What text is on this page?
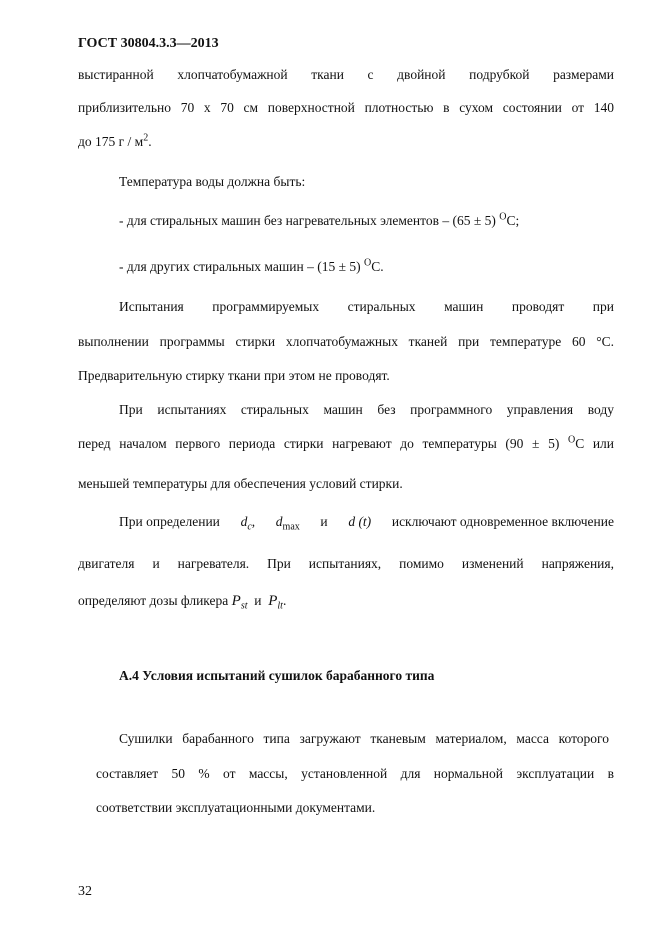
ГОСТ 30804.3.3—2013
выстиранной хлопчатобумажной ткани с двойной подрубкой размерами
приблизительно 70 х 70 см поверхностной плотностью в сухом состоянии от 140
до 175 г / $м^2$.
Температура воды должна быть:
- для стиральных машин без нагревательных элементов – (65 ± 5) $^О$С;
- для других стиральных машин – (15 ± 5) $^О$С.
Испытания программируемых стиральных машин проводят при
выполнении программы стирки хлопчатобумажных тканей при температуре 60 °С.
Предварительную стирку ткани при этом не проводят.
При испытаниях стиральных машин без программного управления воду
перед началом первого периода стирки нагревают до температуры (90 ± 5) $^О$С или
меньшей температуры для обеспечения условий стирки.
При определении $d_c$, $d_{max}$ и d (t) исключают одновременное включение
двигателя и нагревателя. При испытаниях, помимо изменений напряжения,
определяют дозы фликера $P_{st}$ и $P_{lt}$.
А.4 Условия испытаний сушилок барабанного типа
Сушилки барабанного типа загружают тканевым материалом, масса которого
составляет 50 % от массы, установленной для нормальной эксплуатации в
соответствии эксплуатационными документами.
32
